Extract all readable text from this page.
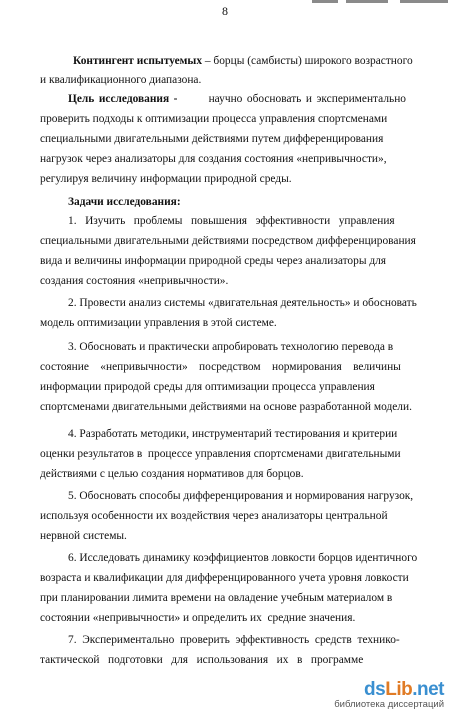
8
Контингент испытуемых – борцы (самбисты) широкого возрастного
и квалификационного диапазона.
Цель исследования -	научно обосновать и экспериментально
проверить подходы к оптимизации процесса управления спортсменами
специальными двигательными действиями путем дифференцирования
нагрузок через анализаторы для создания состояния «непривычности»,
регулируя величину информации природной среды.
Задачи исследования:
1.   Изучить   проблемы   повышения   эффективности   управления
специальными двигательными действиями посредством дифференцирования
вида и величины информации природной среды через анализаторы для
создания состояния «непривычности».
2. Провести анализ системы «двигательная деятельность» и обосновать
модель оптимизации управления в этой системе.
3. Обосновать и практически апробировать технологию перевода в
состояние    «непривычности»    посредством    нормирования    величины
информации природой среды для оптимизации процесса управления
спортсменами двигательными действиями на основе разработанной модели.
4. Разработать методики, инструментарий тестирования и критерии
оценки результатов в  процессе управления спортсменами двигательными
действиями с целью создания нормативов для борцов.
5. Обосновать способы дифференцирования и нормирования нагрузок,
используя особенности их воздействия через анализаторы центральной
нервной системы.
6. Исследовать динамику коэффициентов ловкости борцов идентичного
возраста и квалификации для дифференцированного учета уровня ловкости
при планировании лимита времени на овладение учебным материалом в
состоянии «непривычности» и определить их  средние значения.
7.  Экспериментально  проверить  эффективность  средств  технико-
тактической   подготовки   для   использования   их   в   программе
dsLib.net
библиотека диссертаций
